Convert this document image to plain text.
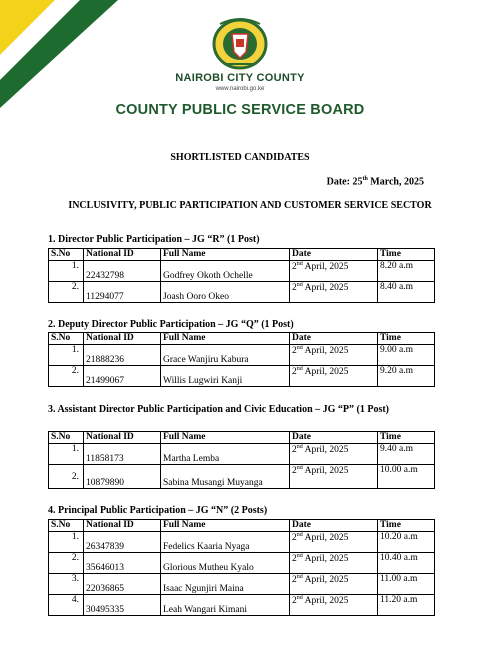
NAIROBI CITY COUNTY
www.nairobi.go.ke
COUNTY PUBLIC SERVICE BOARD
SHORTLISTED CANDIDATES
Date: 25th March, 2025
INCLUSIVITY, PUBLIC PARTICIPATION AND CUSTOMER SERVICE SECTOR
1. Director Public Participation – JG “R” (1 Post)
S.No	National ID	Full Name	Date	Time
1.	22432798	Godfrey Okoth Ochelle	2nd April, 2025	8.20 a.m
2.	11294077	Joash Ooro Okeo	2nd April, 2025	8.40 a.m
2. Deputy Director Public Participation – JG “Q” (1 Post)
S.No	National ID	Full Name	Date	Time
1.	21888236	Grace Wanjiru Kabura	2nd April, 2025	9.00 a.m
2.	21499067	Willis Lugwiri Kanji	2nd April, 2025	9.20 a.m
3. Assistant Director Public Participation and Civic Education – JG “P” (1 Post)
S.No	National ID	Full Name	Date	Time
1.	11858173	Martha Lemba	2nd April, 2025	9.40 a.m
2.	10879890	Sabina Musangi Muyanga	2nd April, 2025	10.00 a.m
4. Principal Public Participation – JG “N” (2 Posts)
S.No	National ID	Full Name	Date	Time
1.	26347839	Fedelics Kaaria Nyaga	2nd April, 2025	10.20 a.m
2.	35646013	Glorious Mutheu Kyalo	2nd April, 2025	10.40 a.m
3.	22036865	Isaac Ngunjiri Maina	2nd April, 2025	11.00 a.m
4.	30495335	Leah Wangari Kimani	2nd April, 2025	11.20 a.m
